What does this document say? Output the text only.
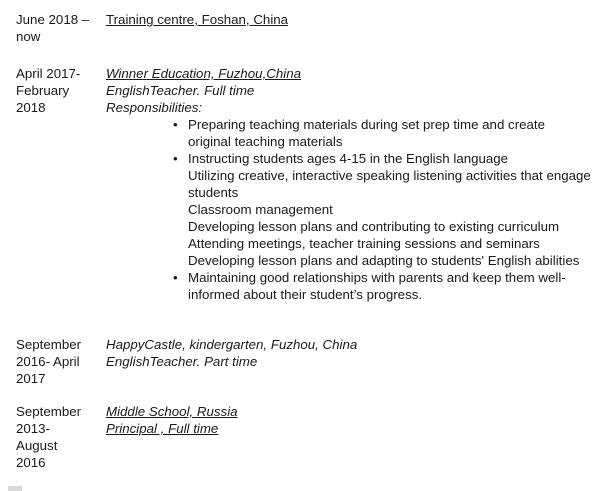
June 2018 –
now
Training centre, Foshan, China
April 2017-
February
2018
Winner Education, Fuzhou,China
EnglishTeacher. Full time
Responsibilities:
• Preparing teaching materials during set prep time and create original teaching materials
• Instructing students ages 4-15 in the English language
Utilizing creative, interactive speaking listening activities that engage students
Classroom management
Developing lesson plans and contributing to existing curriculum
Attending meetings, teacher training sessions and seminars
Developing lesson plans and adapting to students' English abilities
• Maintaining good relationships with parents and keep them well-informed about their student’s progress.
September
2016- April
2017
HappyCastle, kindergarten, Fuzhou, China
EnglishTeacher. Part time
September
2013-
August
2016
Middle School, Russia
Principal , Full time
